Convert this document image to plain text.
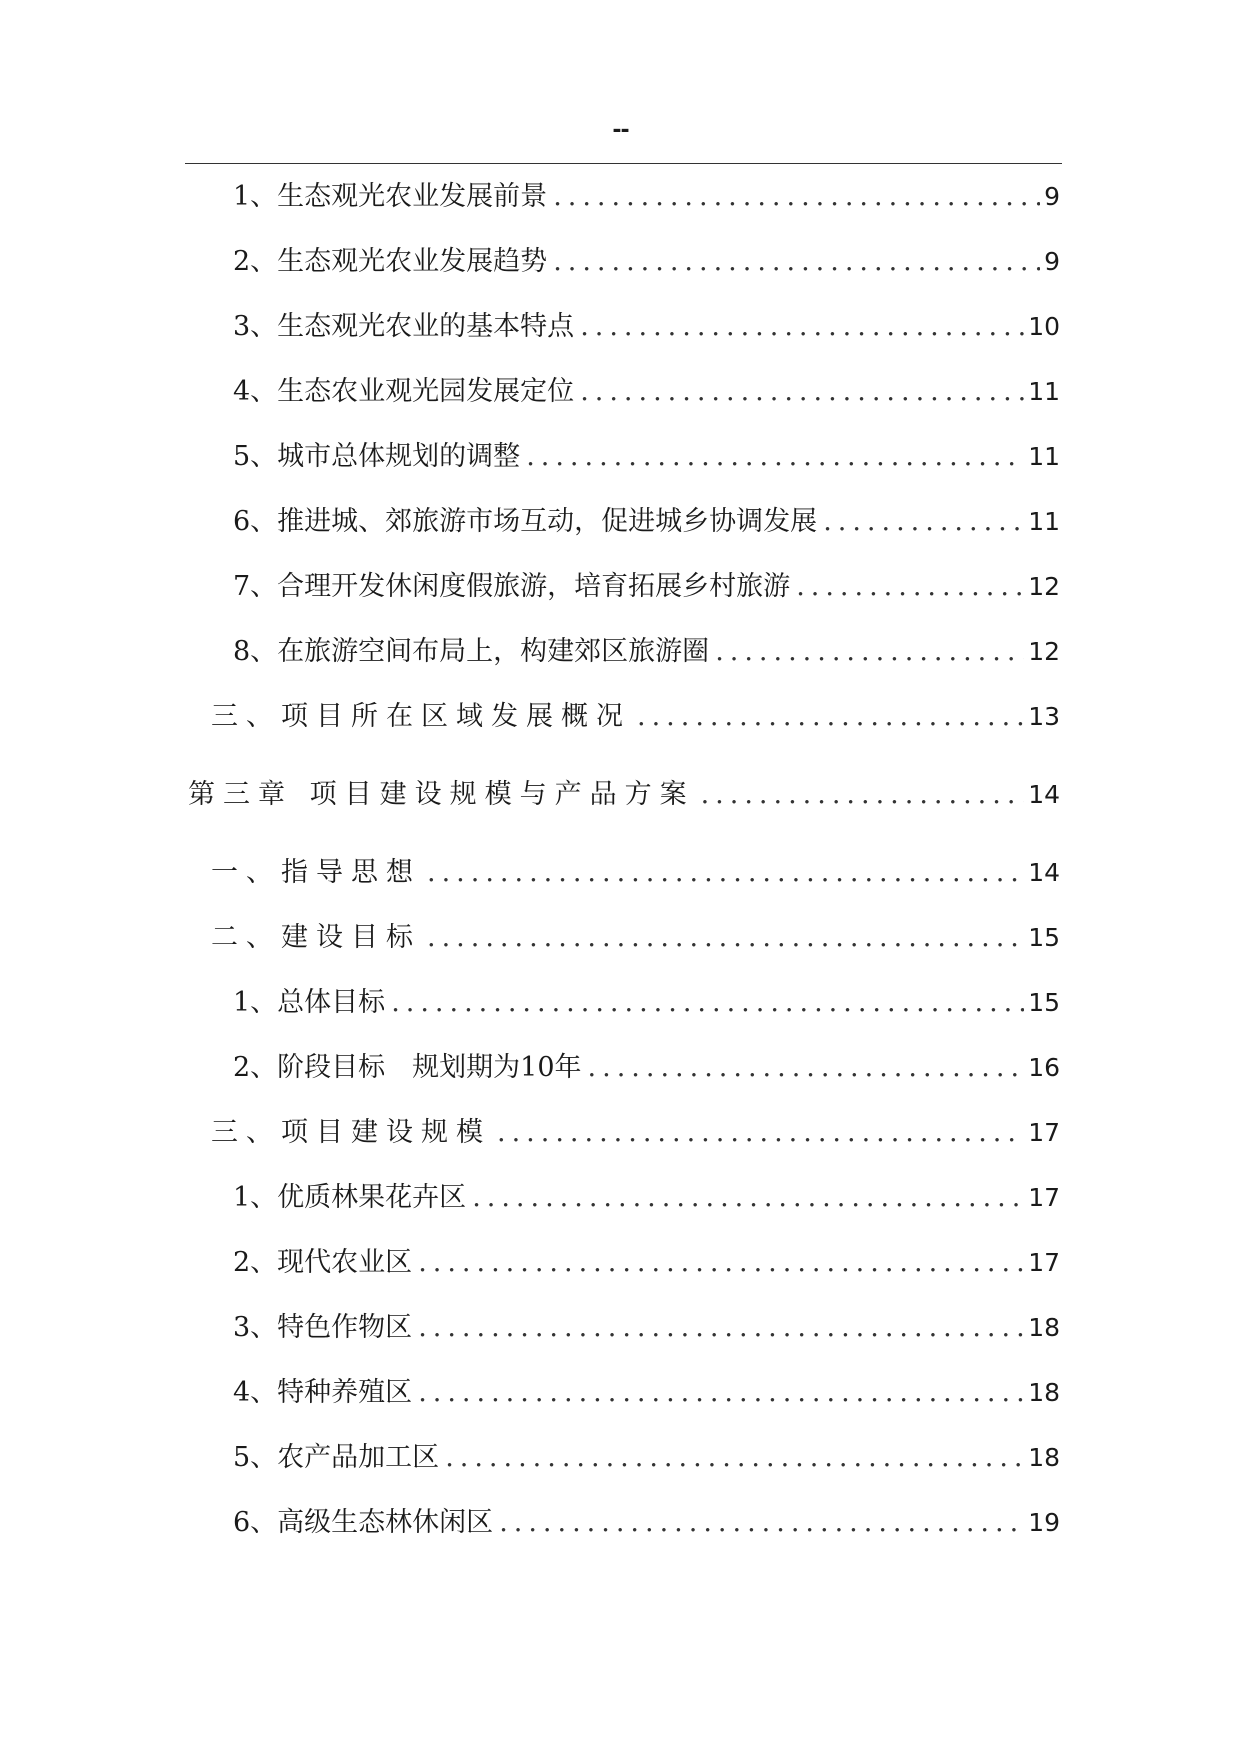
--
1、生态观光农业发展前景 .....	9
2、生态观光农业发展趋势 .....	9
3、生态观光农业的基本特点 .....	10
4、生态农业观光园发展定位 .....	11
5、城市总体规划的调整 .....	11
6、推进城、郊旅游市场互动，促进城乡协调发展 .....	11
7、合理开发休闲度假旅游，培育拓展乡村旅游 .....	12
8、在旅游空间布局上，构建郊区旅游圈 .....	12
三、项目所在区域发展概况 .....	13
第三章 项目建设规模与产品方案 .....	14
一、指导思想 .....	14
二、建设目标 .....	15
1、总体目标 .....	15
2、阶段目标　规划期为10年 .....	16
三、项目建设规模 .....	17
1、优质林果花卉区 .....	17
2、现代农业区 .....	17
3、特色作物区 .....	18
4、特种养殖区 .....	18
5、农产品加工区 .....	18
6、高级生态林休闲区 .....	19
